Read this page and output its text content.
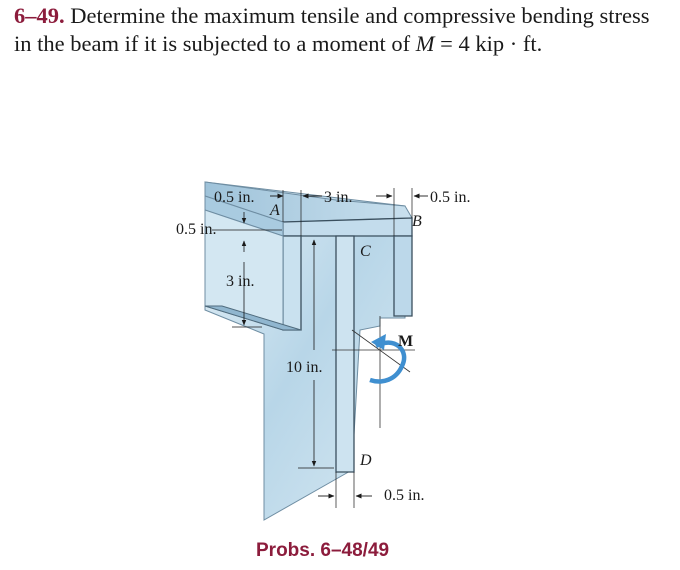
6–49. Determine the maximum tensile and compressive bending stress in the beam if it is subjected to a moment of M = 4 kip · ft.
0.5 in.	3 in.	0.5 in.
0.5 in.
3 in.
10 in.
0.5 in.
A
B
C
D
M
Probs. 6–48/49
